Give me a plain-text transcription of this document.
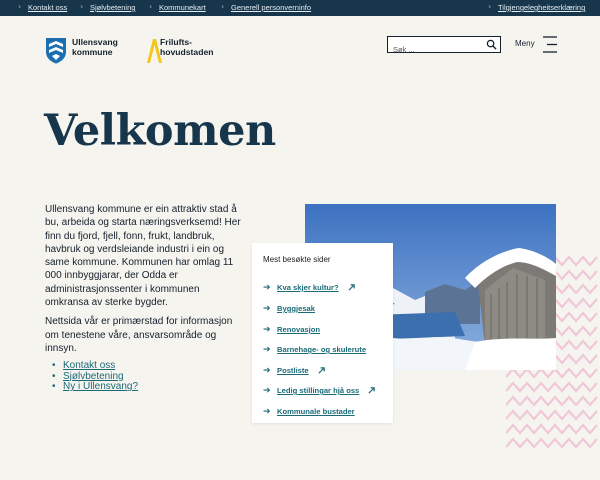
› Kontakt oss › Sjølvbetening › Kommunekart › Generell personverninfo	› Tilgjengelegheitserklæring
Ullensvang
kommune
Frilufts-
hovudstaden
Søk ...
Meny
Velkomen

Ullensvang kommune er ein attraktiv stad å bu, arbeida og starta næringsverksemd! Her finn du fjord, fjell, fonn, frukt, landbruk, havbruk og verdsleiande industri i ein og same kommune. Kommunen har omlag 11 000 innbyggjarar, der Odda er administrasjonssenter i kommunen omkransa av sterke bygder.

Nettsida vår er primærstad for informasjon om tenestene våre, ansvarsområde og innsyn.

• Kontakt oss
• Sjølvbetening
• Ny i Ullensvang?
Mest besøkte sider
➔ Kva skjer kultur?
➔ Byggjesak
➔ Renovasjon
➔ Barnehage- og skulerute
➔ Postliste
➔ Ledig stillingar hjå oss
➔ Kommunale bustader
